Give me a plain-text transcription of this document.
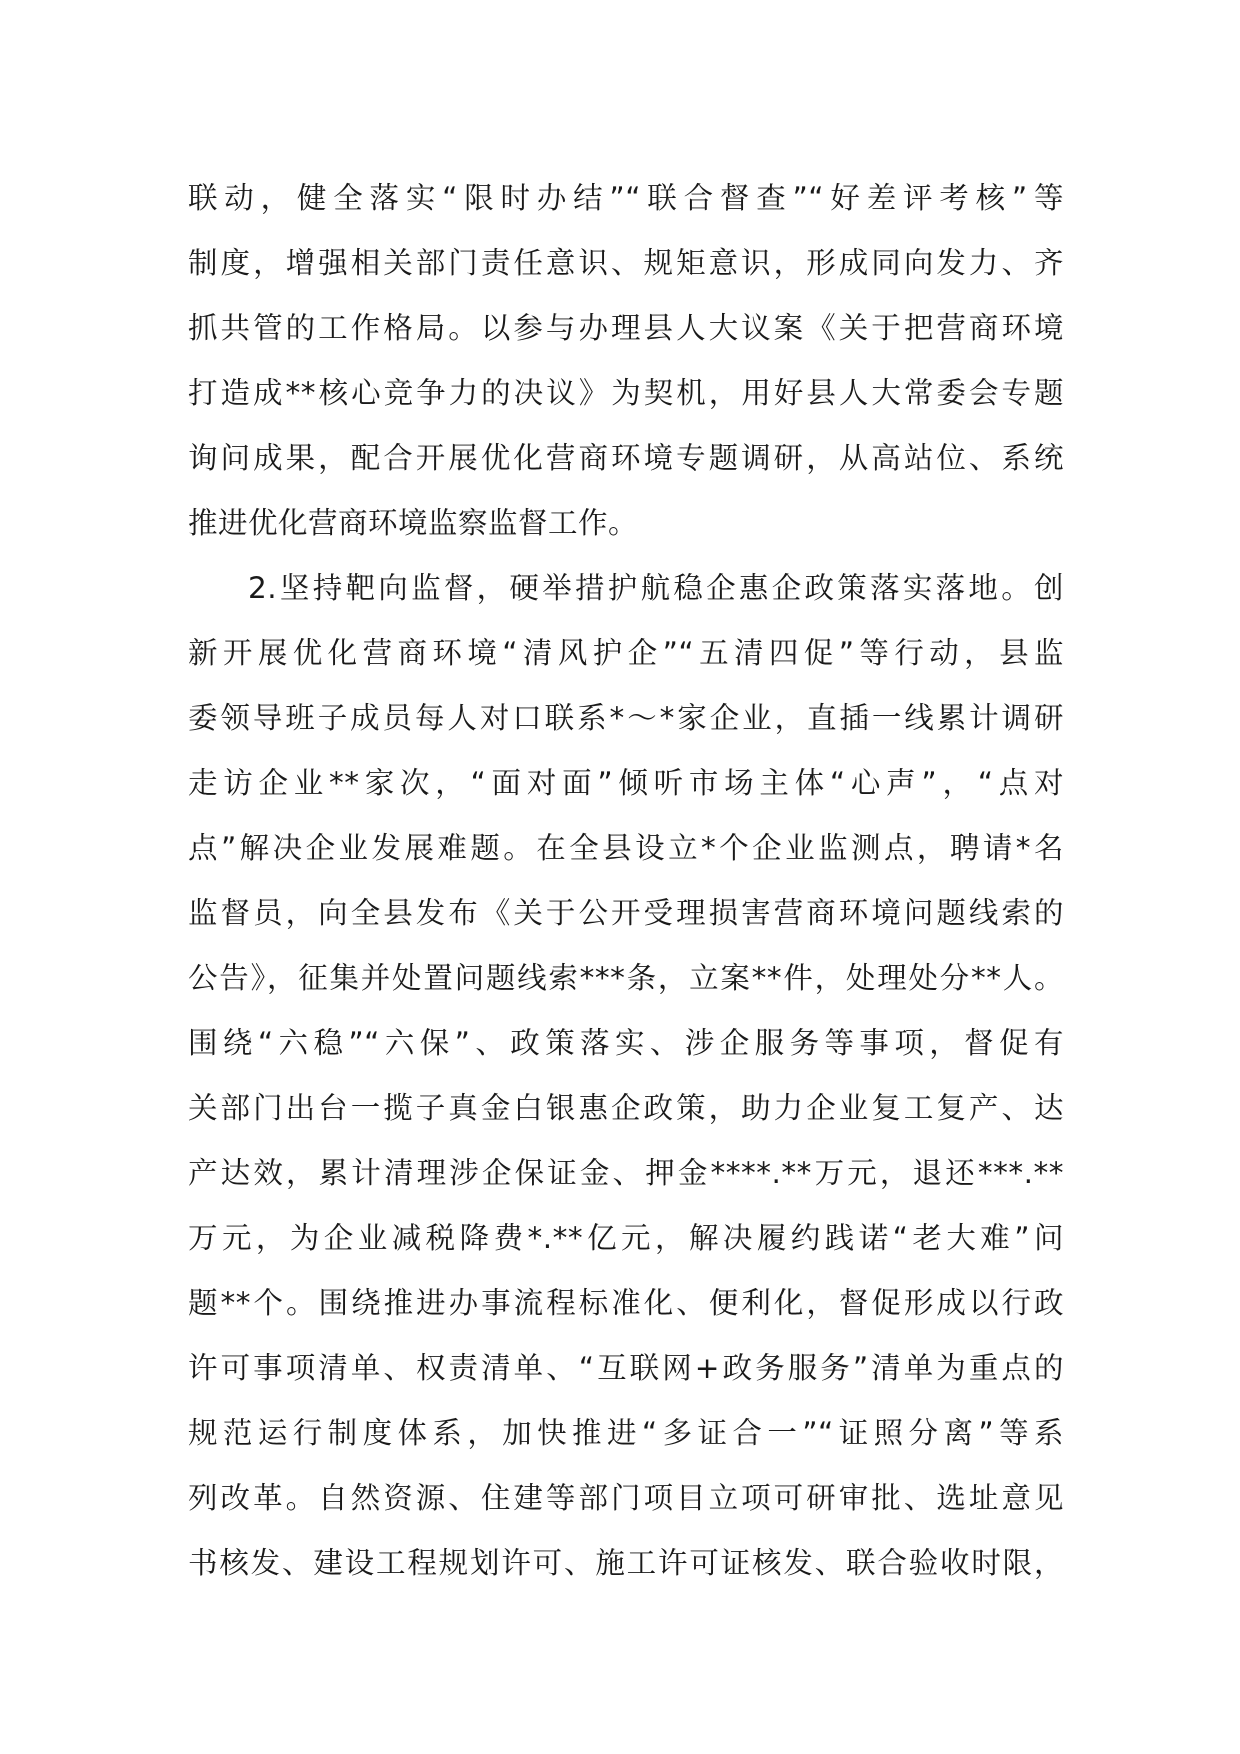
联动，健全落实“限时办结”“联合督查”“好差评考核”等
制度，增强相关部门责任意识、规矩意识，形成同向发力、齐
抓共管的工作格局。以参与办理县人大议案《关于把营商环境
打造成**核心竞争力的决议》为契机，用好县人大常委会专题
询问成果，配合开展优化营商环境专题调研，从高站位、系统
推进优化营商环境监察监督工作。
2.坚持靶向监督，硬举措护航稳企惠企政策落实落地。创
新开展优化营商环境“清风护企”“五清四促”等行动，县监
委领导班子成员每人对口联系*～*家企业，直插一线累计调研
走访企业**家次，“面对面”倾听市场主体“心声”，“点对
点”解决企业发展难题。在全县设立*个企业监测点，聘请*名
监督员，向全县发布《关于公开受理损害营商环境问题线索的
公告》，征集并处置问题线索***条，立案**件，处理处分**人。
围绕“六稳”“六保”、政策落实、涉企服务等事项，督促有
关部门出台一揽子真金白银惠企政策，助力企业复工复产、达
产达效，累计清理涉企保证金、押金****.**万元，退还***.**
万元，为企业减税降费*.**亿元，解决履约践诺“老大难”问
题**个。围绕推进办事流程标准化、便利化，督促形成以行政
许可事项清单、权责清单、“互联网+政务服务”清单为重点的
规范运行制度体系，加快推进“多证合一”“证照分离”等系
列改革。自然资源、住建等部门项目立项可研审批、选址意见
书核发、建设工程规划许可、施工许可证核发、联合验收时限，
